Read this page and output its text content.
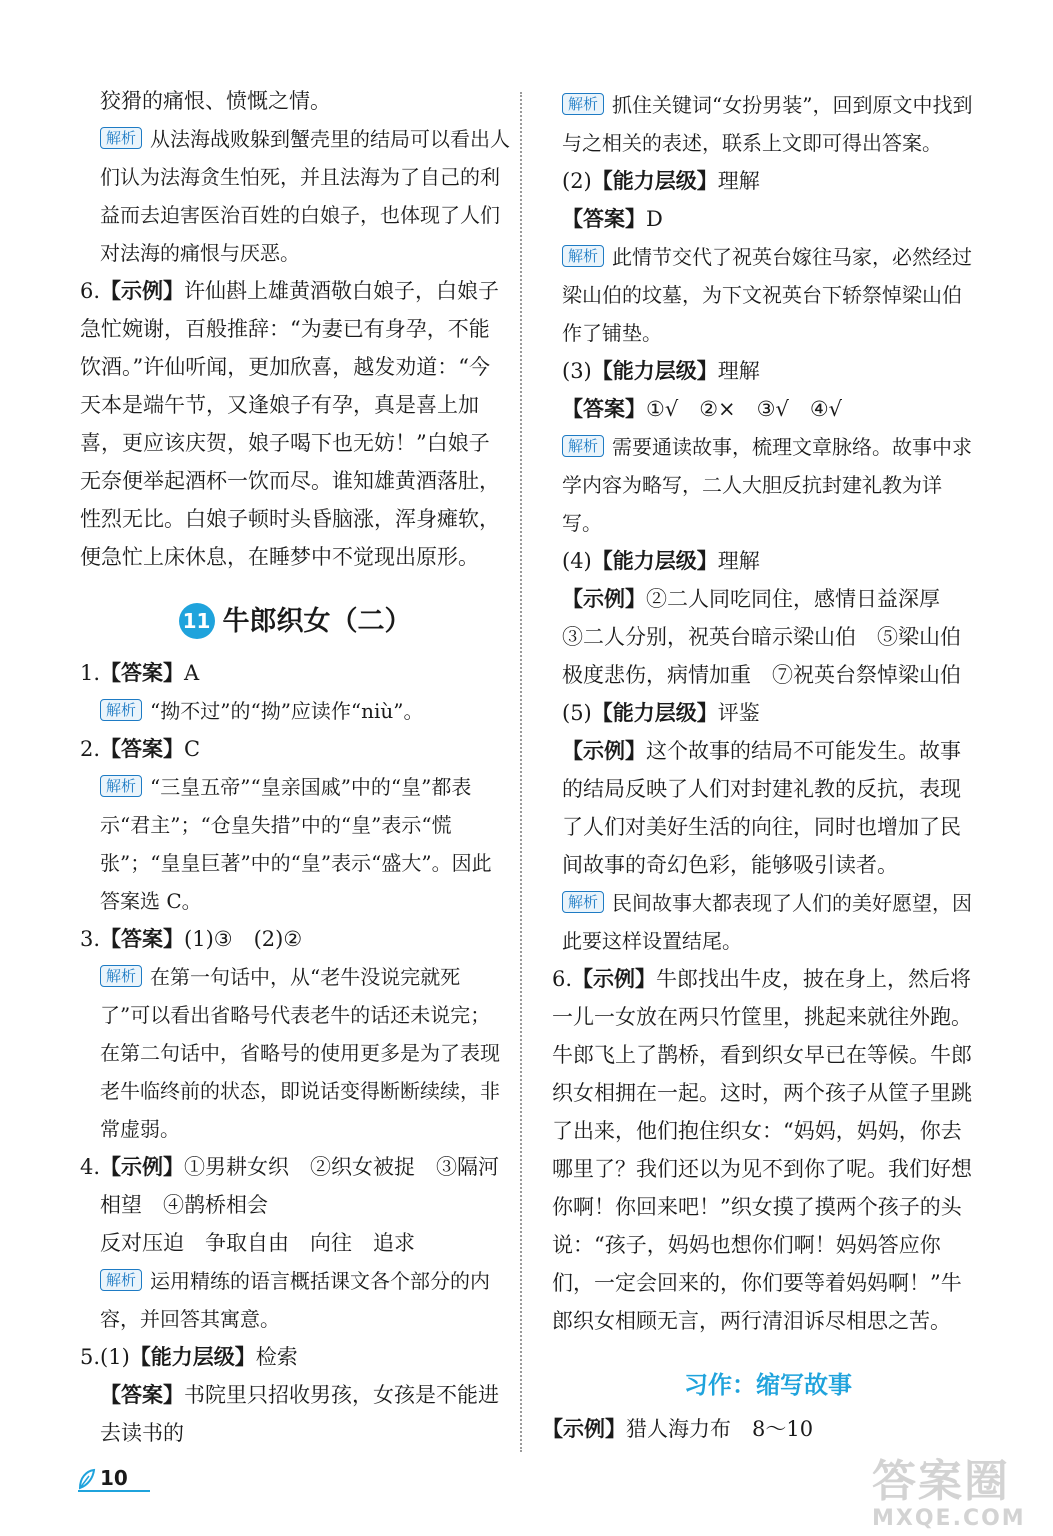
狡猾的痛恨、愤慨之情。

解析 从法海战败躲到蟹壳里的结局可以看出人们认为法海贪生怕死，并且法海为了自己的利益而去迫害医治百姓的白娘子，也体现了人们对法海的痛恨与厌恶。

6.【示例】许仙斟上雄黄酒敬白娘子，白娘子急忙婉谢，百般推辞：“为妻已有身孕，不能饮酒。”许仙听闻，更加欣喜，越发劝道：“今天本是端午节，又逢娘子有孕，真是喜上加喜，更应该庆贺，娘子喝下也无妨！”白娘子无奈便举起酒杯一饮而尽。谁知雄黄酒落肚，性烈无比。白娘子顿时头昏脑涨，浑身瘫软，便急忙上床休息，在睡梦中不觉现出原形。

11 牛郎织女（二）

1.【答案】A

解析 “拗不过”的“拗”应读作“niù”。

2.【答案】C

解析 “三皇五帝”“皇亲国戚”中的“皇”都表示“君主”；“仓皇失措”中的“皇”表示“慌张”；“皇皇巨著”中的“皇”表示“盛大”。因此答案选 C。

3.【答案】(1)③　(2)②

解析 在第一句话中，从“老牛没说完就死了”可以看出省略号代表老牛的话还未说完；在第二句话中，省略号的使用更多是为了表现老牛临终前的状态，即说话变得断断续续，非常虚弱。

4.【示例】①男耕女织　②织女被捉　③隔河

相望　④鹊桥相会

反对压迫　争取自由　向往　追求

解析 运用精练的语言概括课文各个部分的内容，并回答其寓意。

5.(1)【能力层级】检索

【答案】书院里只招收男孩，女孩是不能进去读书的

解析 抓住关键词“女扮男装”，回到原文中找到与之相关的表述，联系上文即可得出答案。

(2)【能力层级】理解

【答案】D

解析 此情节交代了祝英台嫁往马家，必然经过梁山伯的坟墓，为下文祝英台下轿祭悼梁山伯作了铺垫。

(3)【能力层级】理解

【答案】①√　②×　③√　④√

解析 需要通读故事，梳理文章脉络。故事中求学内容为略写，二人大胆反抗封建礼教为详写。

(4)【能力层级】理解

【示例】②二人同吃同住，感情日益深厚

③二人分别，祝英台暗示梁山伯　⑤梁山伯

极度悲伤，病情加重　⑦祝英台祭悼梁山伯

(5)【能力层级】评鉴

【示例】这个故事的结局不可能发生。故事的结局反映了人们对封建礼教的反抗，表现了人们对美好生活的向往，同时也增加了民间故事的奇幻色彩，能够吸引读者。

解析 民间故事大都表现了人们的美好愿望，因此要这样设置结尾。

6.【示例】牛郎找出牛皮，披在身上，然后将一儿一女放在两只竹筐里，挑起来就往外跑。牛郎飞上了鹊桥，看到织女早已在等候。牛郎织女相拥在一起。这时，两个孩子从筐子里跳了出来，他们抱住织女：“妈妈，妈妈，你去哪里了？我们还以为见不到你了呢。我们好想你啊！你回来吧！”织女摸了摸两个孩子的头说：“孩子，妈妈也想你们啊！妈妈答应你们，一定会回来的，你们要等着妈妈啊！”牛郎织女相顾无言，两行清泪诉尽相思之苦。

习作：缩写故事

【示例】猎人海力布　8～10

10	答案圈
MXQE.COM
